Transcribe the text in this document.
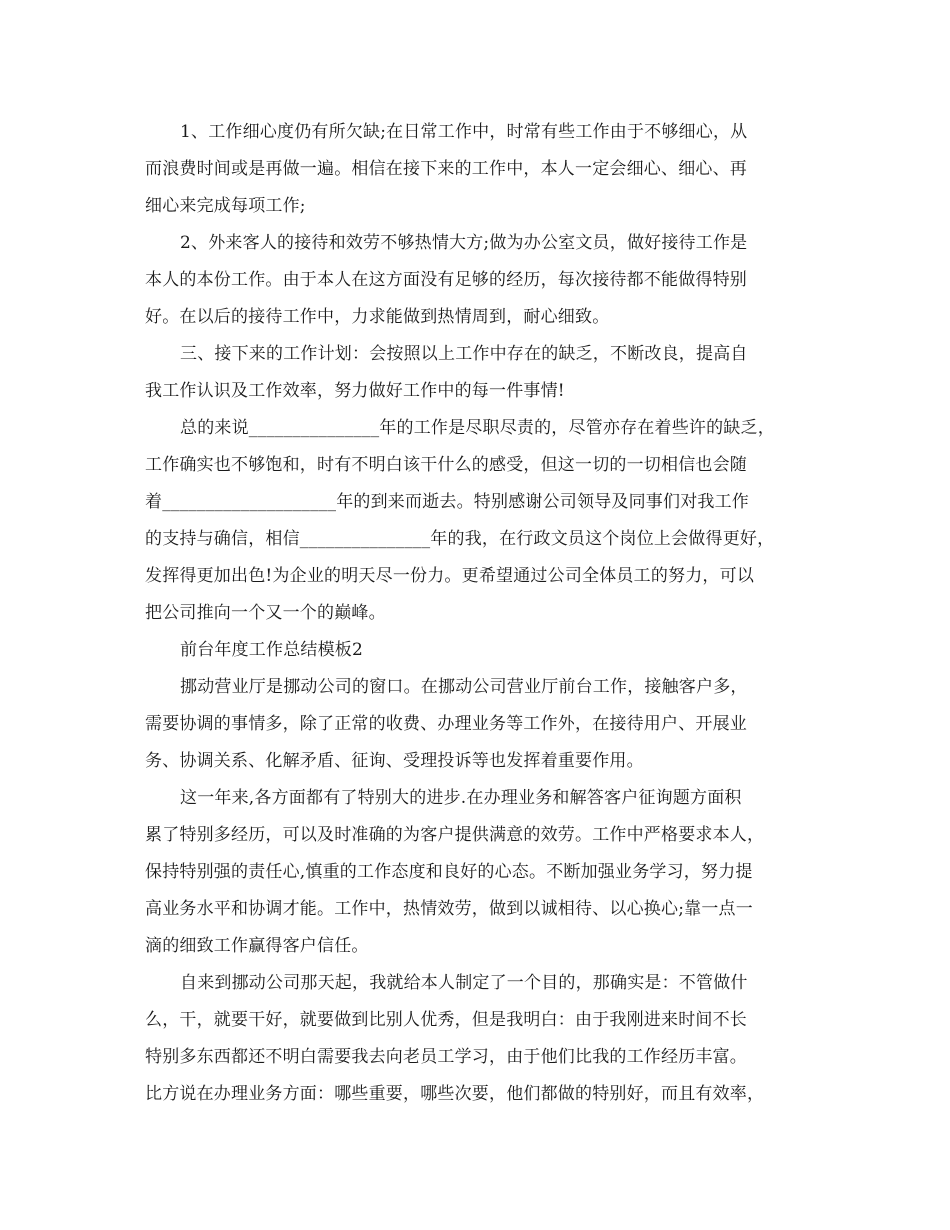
1、工作细心度仍有所欠缺;在日常工作中，时常有些工作由于不够细心，从
而浪费时间或是再做一遍。相信在接下来的工作中，本人一定会细心、细心、再
细心来完成每项工作;
2、外来客人的接待和效劳不够热情大方;做为办公室文员，做好接待工作是
本人的本份工作。由于本人在这方面没有足够的经历，每次接待都不能做得特别
好。在以后的接待工作中，力求能做到热情周到，耐心细致。
三、接下来的工作计划：会按照以上工作中存在的缺乏，不断改良，提高自
我工作认识及工作效率，努力做好工作中的每一件事情!
总的来说_______________年的工作是尽职尽责的，尽管亦存在着些许的缺乏，
工作确实也不够饱和，时有不明白该干什么的感受，但这一切的一切相信也会随
着____________________年的到来而逝去。特别感谢公司领导及同事们对我工作
的支持与确信，相信_______________年的我，在行政文员这个岗位上会做得更好，
发挥得更加出色!为企业的明天尽一份力。更希望通过公司全体员工的努力，可以
把公司推向一个又一个的巅峰。
前台年度工作总结模板2
挪动营业厅是挪动公司的窗口。在挪动公司营业厅前台工作，接触客户多，
需要协调的事情多，除了正常的收费、办理业务等工作外，在接待用户、开展业
务、协调关系、化解矛盾、征询、受理投诉等也发挥着重要作用。
这一年来,各方面都有了特别大的进步.在办理业务和解答客户征询题方面积
累了特别多经历，可以及时准确的为客户提供满意的效劳。工作中严格要求本人，
保持特别强的责任心,慎重的工作态度和良好的心态。不断加强业务学习，努力提
高业务水平和协调才能。工作中，热情效劳，做到以诚相待、以心换心;靠一点一
滴的细致工作赢得客户信任。
自来到挪动公司那天起，我就给本人制定了一个目的，那确实是：不管做什
么，干，就要干好，就要做到比别人优秀，但是我明白：由于我刚进来时间不长
特别多东西都还不明白需要我去向老员工学习，由于他们比我的工作经历丰富。
比方说在办理业务方面：哪些重要，哪些次要，他们都做的特别好，而且有效率，
